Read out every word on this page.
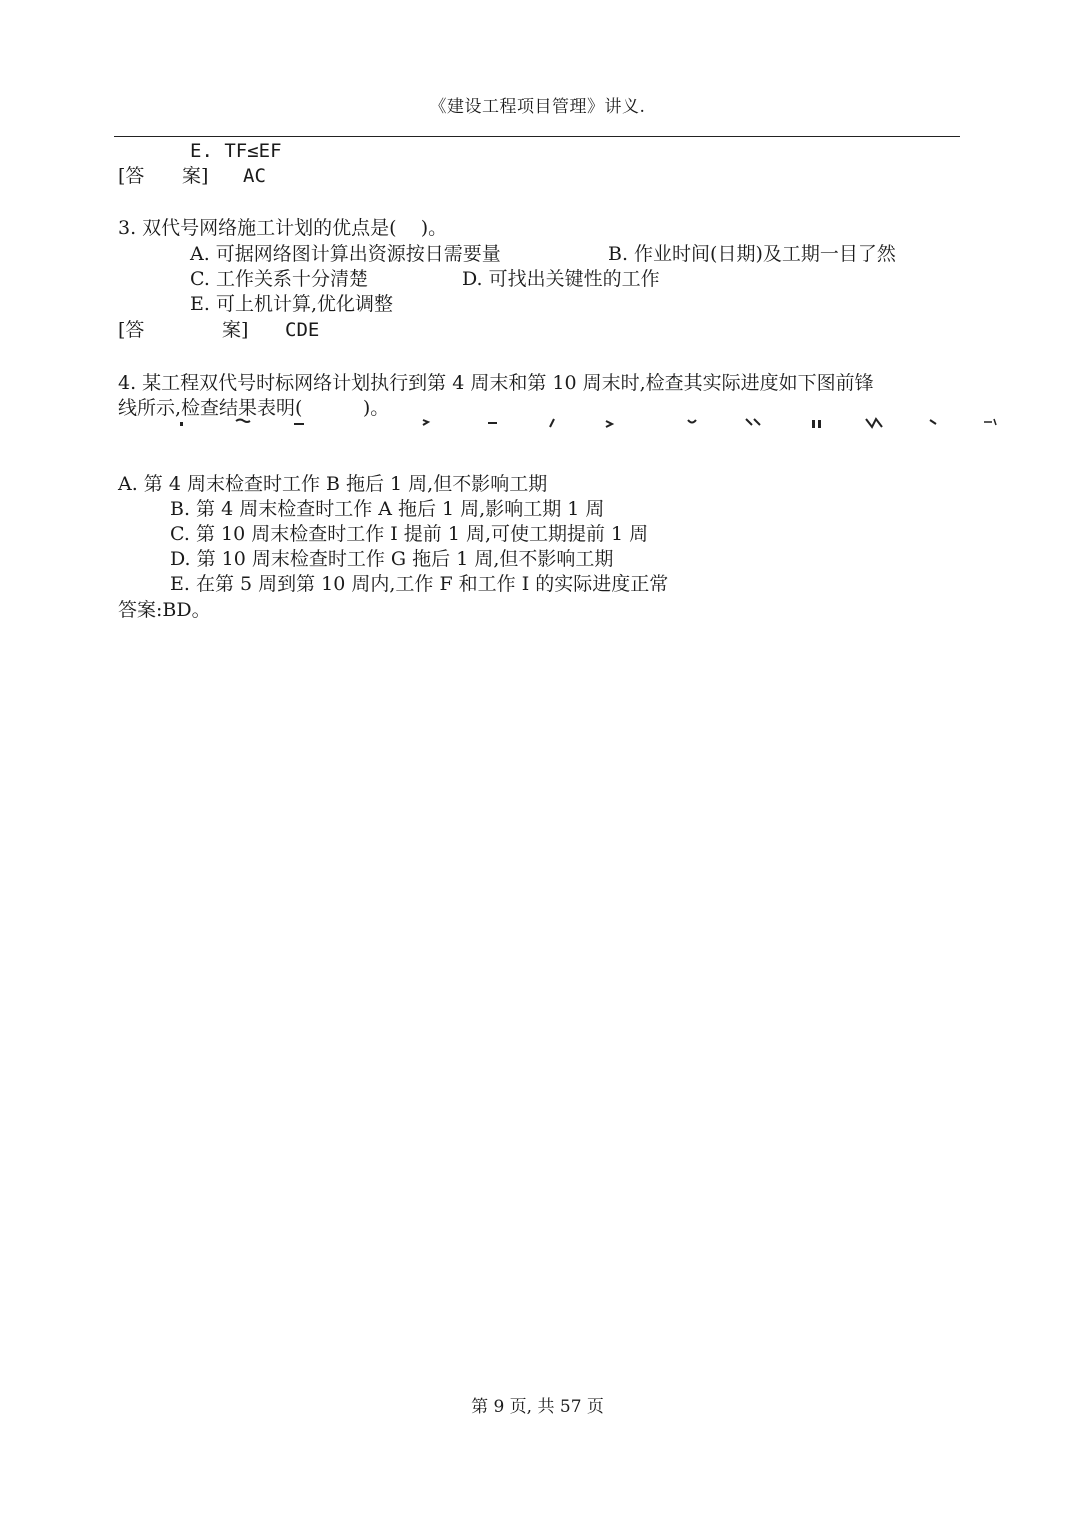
《建设工程项目管理》讲义.
E. TF≤EF
[答 案] AC
3. 双代号网络施工计划的优点是(    )。
A. 可据网络图计算出资源按日需要量	B. 作业时间(日期)及工期一目了然
C. 工作关系十分清楚	D. 可找出关键性的工作
E. 可上机计算,优化调整
[答	案] CDE
4. 某工程双代号时标网络计划执行到第 4 周末和第 10 周末时,检查其实际进度如下图前锋
线所示,检查结果表明(          )。
A. 第 4 周末检查时工作 B 拖后 1 周,但不影响工期
B. 第 4 周末检查时工作 A 拖后 1 周,影响工期 1 周
C. 第 10 周末检查时工作 I 提前 1 周,可使工期提前 1 周
D. 第 10 周末检查时工作 G 拖后 1 周,但不影响工期
E. 在第 5 周到第 10 周内,工作 F 和工作 I 的实际进度正常
答案:BD。
第 9 页, 共 57 页
